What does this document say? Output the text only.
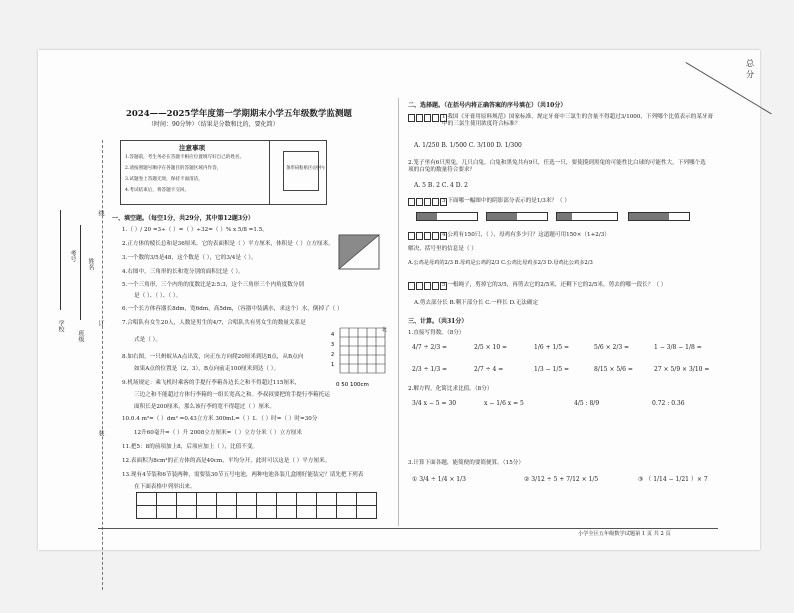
总 分
2024——2025学年度第一学期期末小学五年级数学监测题
（时间：90分钟）（结果是分数和比的，要化简）
注意事项
1.答题前，考生务必在答题卡相应位置填写好自己的姓名、
2.请按照题号顺序在各题目的答题区域内作答，
3.试题卷上答题无效，保持卡面清洁，
4.考试结束后，将答题卡交回。
条形码粘贴区(居中)
学校
班级
考号
姓名
线
订
装
一、填空题。（每空1分，共29分，其中第12题3分）
1.（ ）/ 20 =3÷（ ）=（ ）÷32=（ ）% x 5/8 =1.5。
2.正方体的棱长总和是36厘米，它的表面积是（ ）平方厘米，体积是（ ）立方厘米。
3.一个数的3/5是48，这个数是（ ），它的3/4是（ ）。
4.右图中，三角形的长和宽分别的面积比是（ ）。
5.一个三角形，三个内角的度数比是2:5:3，这个三角形三个内角度数分别
是（ ）、（ ）、（ ）。
6.一个长方体容器长8dm，宽6dm，高5dm，（容器中装满水，求这个）水，倒掉了（ ）
7.合唱队有女生20人，人数是男生的4/7，合唱队共有男女生的数量关系是
式是（ ）。
8.如右图，一只蚂蚁从A点出发，向正东方向爬20厘米到达B点，从B点向
如果A点的位置是（2，3），B点向前走100厘米到达（ ）。
9.机场规定：乘飞机时乘客的手提行李箱各边长之和不得超过115厘米，
三边之和不能超过方体行李箱的一组长宽高之和。李叔叔要把的手提行李箱托运
面积长是200厘米，那么该行李的宽不得超过（ ）厘米。
10.0.4 m²=（ ）dm² =0.43立方米 300mL=（ ）L （ ）时=（ ）时=30分
12升60毫升=（ ）升 2008立方厘米=（ ）立方分米（ ）立方厘米
11.把5：8的前项加上8，后项应加上（ ），比值不变。
12.表面积为8cm³的正方体的高是40cm，平均分开，此时可以这是（ ）平方厘米。
13.现有4节装和6节装两种，需要装30节五号电池，两种电池各装几盒刚好能装完？请先把下列表
在下面表格中列举出来。
4
3
2
1
0 50 100cm
北

二、选择题。（在括号内将正确答案的序号填在）（共10分）
1.我国《牙膏用原料规范》国家标准，规定牙膏中三氯生的含量不得超过3/1000，下列哪个比值表示的某牙膏中的三氯生使用浓度符合标准？
A. 1/250 B. 1/500 C. 3/100 D. 1/300
2.笼子里有6只黑兔，几只白兔，白兔和黑兔共有9只，任选一只，要使摸到黑兔的可能性比白球的可能性大，下列哪个选项的白兔的数量符合要求？
A. 5 B. 2 C. 4 D. 2
3.下面哪一幅图中的阴影部分表示的是1/3米？（ ）
4.公鸡有150只，（ ），母鸡有多少只？这道题可用150×（1+2/3）
解决，括号里的信息是（ ）
A.公鸡是母鸡的2/3 B.母鸡是公鸡的2/3 C.公鸡比母鸡多2/3 D.母鸡比公鸡多2/3
5.一根绳子，剪掉它的3/5，再剪去它的2/5米，还剩下它的2/5米，剪去的哪一段长？（ ）
A.剪去部分长 B.剩下部分长 C.一样长 D.无法确定
三、计算。（共31分）
1.直接写得数。（8分）
4/7 ÷ 2/3 =	2/5 × 10 =	1/6 + 1/5 =	5/6 × 2/3 =	1 − 3/8 − 1/8 =
2/3 ÷ 1/3 =	2/7 ÷ 4 =	1/3 − 1/5 =	8/15 × 5/6 =	27 × 5/9 × 3/10 =
2.解方程，化简比求比值。（8分）
3/4 x − 5 = 30	x − 1/6 x = 5	4/5 : 8/9	0.72 : 0.36
3.计算下面各题，能简便的要简便算。（15分）
① 3/4 ÷ 1/4 × 1/3	② 3/12 ÷ 5 + 7/12 × 1/5	③ （ 1/14 − 1/21 ）× 7
小学全区五年级数学试题第 1 页 共 2 页
